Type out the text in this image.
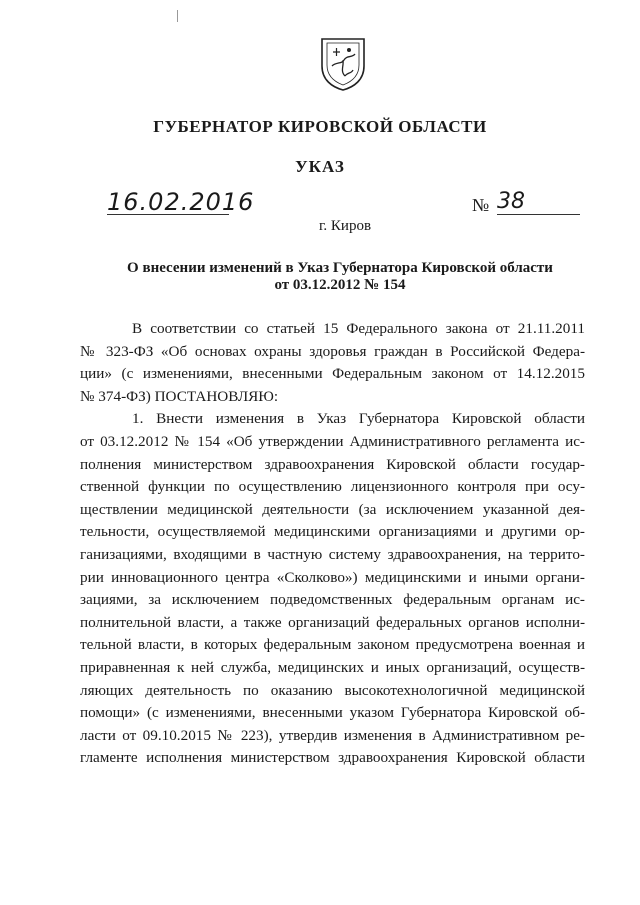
ГУБЕРНАТОР КИРОВСКОЙ ОБЛАСТИ
УКАЗ
16.02.2016	№ 38
г. Киров
О внесении изменений в Указ Губернатора Кировской области
от 03.12.2012 № 154
В соответствии со статьей 15 Федерального закона от 21.11.2011
№ 323-ФЗ «Об основах охраны здоровья граждан в Российской Федера-
ции» (с изменениями, внесенными Федеральным законом от 14.12.2015
№ 374-ФЗ) ПОСТАНОВЛЯЮ:
1. Внести изменения в Указ Губернатора Кировской области
от 03.12.2012 № 154 «Об утверждении Административного регламента ис-
полнения министерством здравоохранения Кировской области государ-
ственной функции по осуществлению лицензионного контроля при осу-
ществлении медицинской деятельности (за исключением указанной дея-
тельности, осуществляемой медицинскими организациями и другими ор-
ганизациями, входящими в частную систему здравоохранения, на террито-
рии инновационного центра «Сколково») медицинскими и иными органи-
зациями, за исключением подведомственных федеральным органам ис-
полнительной власти, а также организаций федеральных органов исполни-
тельной власти, в которых федеральным законом предусмотрена военная и
приравненная к ней служба, медицинских и иных организаций, осуществ-
ляющих деятельность по оказанию высокотехнологичной медицинской
помощи» (с изменениями, внесенными указом Губернатора Кировской об-
ласти от 09.10.2015 № 223), утвердив изменения в Административном ре-
гламенте исполнения министерством здравоохранения Кировской области
